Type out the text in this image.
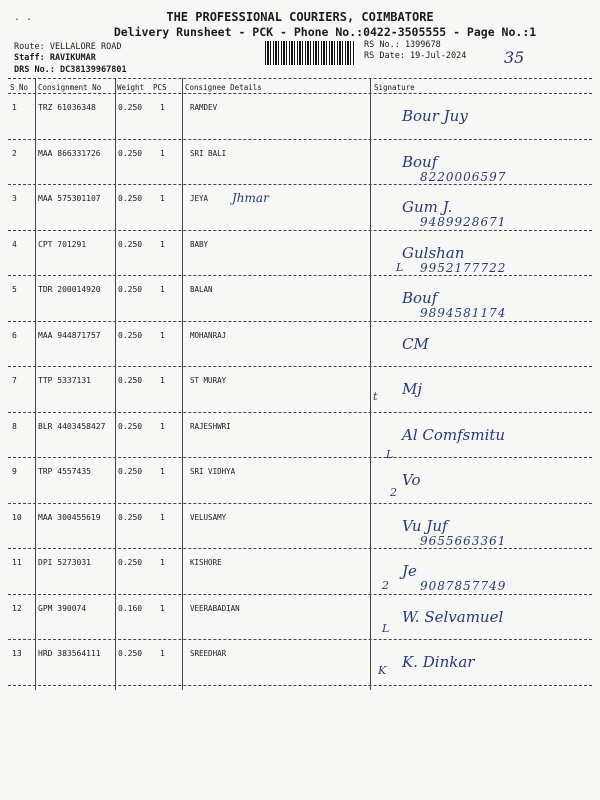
. .	THE PROFESSIONAL COURIERS, COIMBATORE
Delivery Runsheet - PCK - Phone No.:0422-3505555 - Page No.:1
Route: VELLALORE ROAD
Staff: RAVIKUMAR
DRS No.: DC38139967801
RS No.: 1399678
RS Date: 19-Jul-2024 35
S No Consignment No Weight PCS Consignee Details	Signature
1	TRZ 61036348	0.250 1	RAMDEV	Bour Juy
2	MAA 866331726 0.250 1	SRI BALI	Bouf
8220006597
3	MAA 575301107 0.250 1	JEYA	Gum J.
9489928671
4	CPT 701291	0.250 1	BABY	Gulshan
9952177722
5	TDR 200014920 0.250 1	BALAN	Bouf
9894581174
6	MAA 944871757 0.250 1	MOHANRAJ	CM
7	TTP 5337131	0.250 1	ST MURAY	Mj
8	BLR 4403458427 0.250 1	RAJESHWRI	Al Comfsmitu
9	TRP 4557435	0.250 1	SRI VIDHYA	Vo
10 MAA 300455619 0.250 1	VELUSAMY	Vu Juf
9655663361
11 DPI 5273031	0.250 1	KISHORE	Je
9087857749
12 GPM 390074	0.160 1	VEERABADIAN	W. Selvamuel
13 HRD 383564111 0.250 1	SREEDHAR	K. Dinkar
Jhmar
L
t
L
2
2
L
K
